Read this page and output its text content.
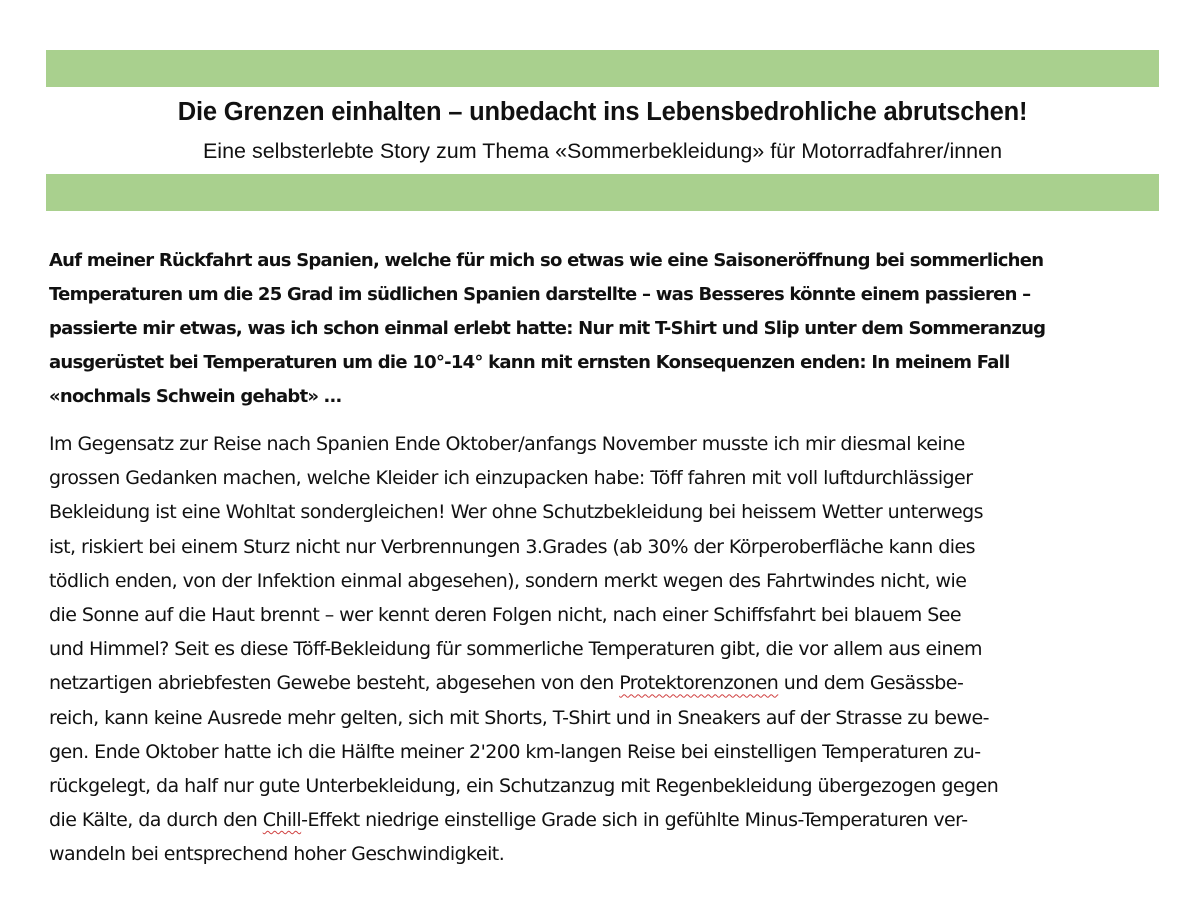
Die Grenzen einhalten – unbedacht ins Lebensbedrohliche abrutschen!
Eine selbsterlebte Story zum Thema «Sommerbekleidung» für Motorradfahrer/innen
Auf meiner Rückfahrt aus Spanien, welche für mich so etwas wie eine Saisoneröffnung bei sommerlichen
Temperaturen um die 25 Grad im südlichen Spanien darstellte – was Besseres könnte einem passieren –
passierte mir etwas, was ich schon einmal erlebt hatte: Nur mit T-Shirt und Slip unter dem Sommeranzug
ausgerüstet bei Temperaturen um die 10°-14° kann mit ernsten Konsequenzen enden: In meinem Fall
«nochmals Schwein gehabt» …
Im Gegensatz zur Reise nach Spanien Ende Oktober/anfangs November musste ich mir diesmal keine
grossen Gedanken machen, welche Kleider ich einzupacken habe: Töff fahren mit voll luftdurchlässiger
Bekleidung ist eine Wohltat sondergleichen! Wer ohne Schutzbekleidung bei heissem Wetter unterwegs
ist, riskiert bei einem Sturz nicht nur Verbrennungen 3.Grades (ab 30% der Körperoberfläche kann dies
tödlich enden, von der Infektion einmal abgesehen), sondern merkt wegen des Fahrtwindes nicht, wie
die Sonne auf die Haut brennt – wer kennt deren Folgen nicht, nach einer Schiffsfahrt bei blauem See
und Himmel? Seit es diese Töff-Bekleidung für sommerliche Temperaturen gibt, die vor allem aus einem
netzartigen abriebfesten Gewebe besteht, abgesehen von den Protektorenzonen und dem Gesässbe-
reich, kann keine Ausrede mehr gelten, sich mit Shorts, T-Shirt und in Sneakers auf der Strasse zu bewe-
gen. Ende Oktober hatte ich die Hälfte meiner 2'200 km-langen Reise bei einstelligen Temperaturen zu-
rückgelegt, da half nur gute Unterbekleidung, ein Schutzanzug mit Regenbekleidung übergezogen gegen
die Kälte, da durch den Chill-Effekt niedrige einstellige Grade sich in gefühlte Minus-Temperaturen ver-
wandeln bei entsprechend hoher Geschwindigkeit.
